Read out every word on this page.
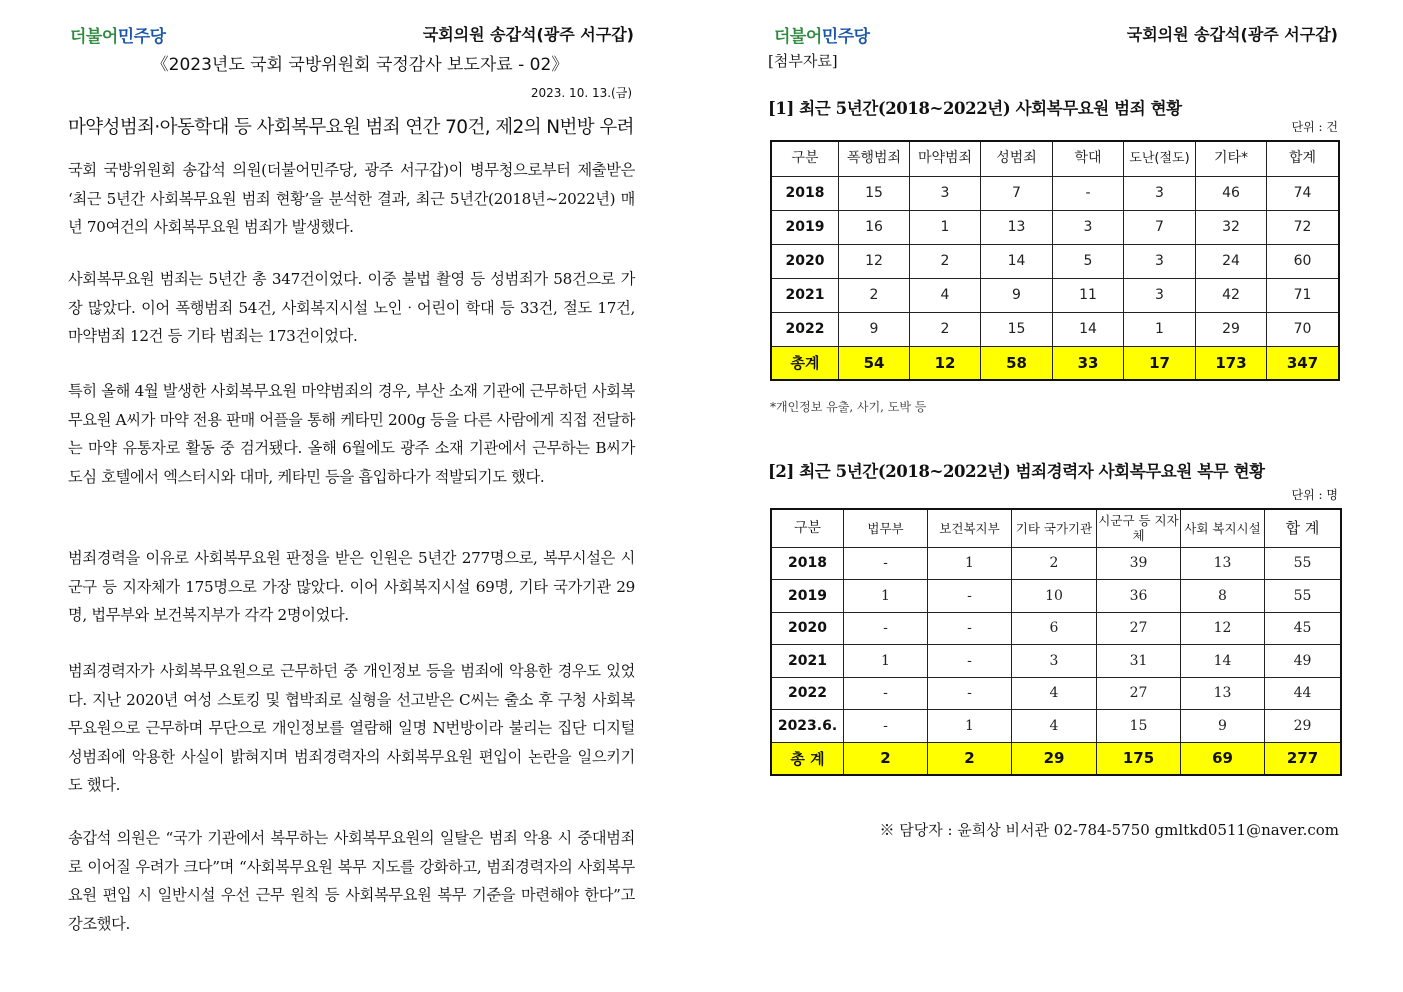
더불어민주당	국회의원 송갑석(광주 서구갑)
《2023년도 국회 국방위원회 국정감사 보도자료 - 02》
2023. 10. 13.(금)
마약성범죄‧아동학대 등 사회복무요원 범죄 연간 70건, 제2의 N번방 우려
국회 국방위원회 송갑석 의원(더불어민주당, 광주 서구갑)이 병무청으로부터 제출받은 ‘최근 5년간 사회복무요원 범죄 현황’을 분석한 결과, 최근 5년간(2018년~2022년) 매년 70여건의 사회복무요원 범죄가 발생했다.
사회복무요원 범죄는 5년간 총 347건이었다. 이중 불법 촬영 등 성범죄가 58건으로 가장 많았다. 이어 폭행범죄 54건, 사회복지시설 노인‧어린이 학대 등 33건, 절도 17건, 마약범죄 12건 등 기타 범죄는 173건이었다.
특히 올해 4월 발생한 사회복무요원 마약범죄의 경우, 부산 소재 기관에 근무하던 사회복무요원 A씨가 마약 전용 판매 어플을 통해 케타민 200g 등을 다른 사람에게 직접 전달하는 마약 유통자로 활동 중 검거됐다. 올해 6월에도 광주 소재 기관에서 근무하는 B씨가 도심 호텔에서 엑스터시와 대마, 케타민 등을 흡입하다가 적발되기도 했다.
범죄경력을 이유로 사회복무요원 판정을 받은 인원은 5년간 277명으로, 복무시설은 시군구 등 지자체가 175명으로 가장 많았다. 이어 사회복지시설 69명, 기타 국가기관 29명, 법무부와 보건복지부가 각각 2명이었다.
범죄경력자가 사회복무요원으로 근무하던 중 개인정보 등을 범죄에 악용한 경우도 있었다. 지난 2020년 여성 스토킹 및 협박죄로 실형을 선고받은 C씨는 출소 후 구청 사회복무요원으로 근무하며 무단으로 개인정보를 열람해 일명 N번방이라 불리는 집단 디지털 성범죄에 악용한 사실이 밝혀지며 범죄경력자의 사회복무요원 편입이 논란을 일으키기도 했다.
송갑석 의원은 “국가 기관에서 복무하는 사회복무요원의 일탈은 범죄 악용 시 중대범죄로 이어질 우려가 크다”며 “사회복무요원 복무 지도를 강화하고, 범죄경력자의 사회복무요원 편입 시 일반시설 우선 근무 원칙 등 사회복무요원 복무 기준을 마련해야 한다”고 강조했다.
더불어민주당	국회의원 송갑석(광주 서구갑)
[첨부자료]
[1] 최근 5년간(2018~2022년) 사회복무요원 범죄 현황
단위 : 건
구분	폭행범죄	마약범죄	성범죄	학대	도난(절도)	기타*	합계
2018	15	3	7	-	3	46	74
2019	16	1	13	3	7	32	72
2020	12	2	14	5	3	24	60
2021	2	4	9	11	3	42	71
2022	9	2	15	14	1	29	70
총계	54	12	58	33	17	173	347
*개인정보 유출, 사기, 도박 등
[2] 최근 5년간(2018~2022년) 범죄경력자 사회복무요원 복무 현황
단위 : 명
구분	법무부	보건복지부	기타 국가기관	시군구 등 지자체	사회 복지시설	합 계
2018	-	1	2	39	13	55
2019	1	-	10	36	8	55
2020	-	-	6	27	12	45
2021	1	-	3	31	14	49
2022	-	-	4	27	13	44
2023.6.	-	1	4	15	9	29
총 계	2	2	29	175	69	277
※ 담당자 : 윤희상 비서관 02-784-5750 gmltkd0511@naver.com
